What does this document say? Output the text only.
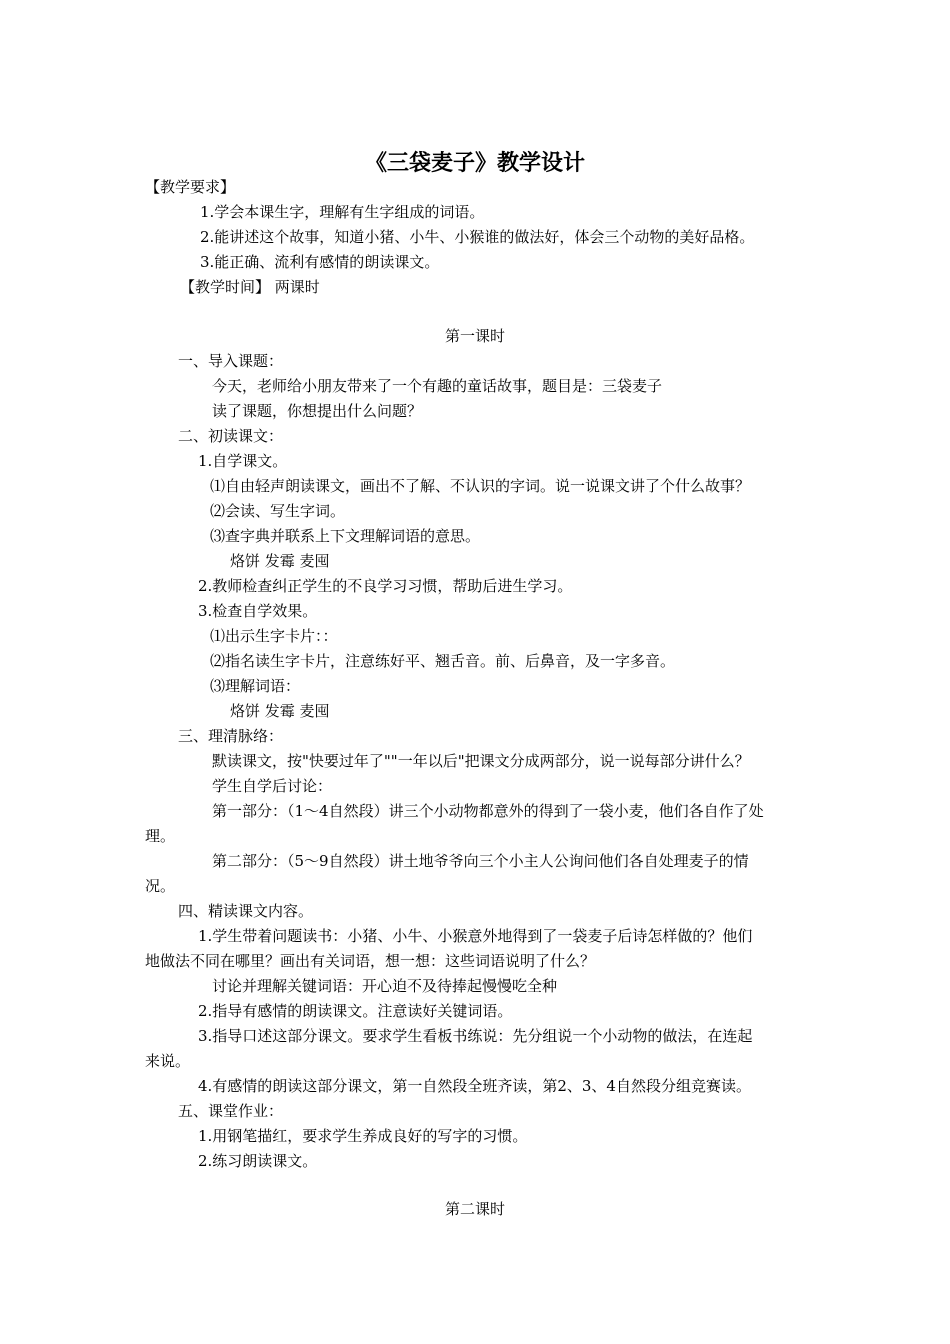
《三袋麦子》教学设计
【教学要求】
1.学会本课生字，理解有生字组成的词语。
2.能讲述这个故事，知道小猪、小牛、小猴谁的做法好，体会三个动物的美好品格。
3.能正确、流利有感情的朗读课文。
【教学时间】 两课时
第一课时
一、导入课题：
今天，老师给小朋友带来了一个有趣的童话故事，题目是：三袋麦子
读了课题，你想提出什么问题？
二、初读课文：
1.自学课文。
⑴自由轻声朗读课文，画出不了解、不认识的字词。说一说课文讲了个什么故事？
⑵会读、写生字词。
⑶查字典并联系上下文理解词语的意思。
烙饼 发霉 麦囤
2.教师检查纠正学生的不良学习习惯，帮助后进生学习。
3.检查自学效果。
⑴出示生字卡片：：
⑵指名读生字卡片，注意练好平、翘舌音。前、后鼻音，及一字多音。
⑶理解词语：
烙饼 发霉 麦囤
三、理清脉络：
默读课文，按"快要过年了""一年以后"把课文分成两部分，说一说每部分讲什么？
学生自学后讨论：
第一部分：（1～4自然段）讲三个小动物都意外的得到了一袋小麦，他们各自作了处
理。
第二部分：（5～9自然段）讲土地爷爷向三个小主人公询问他们各自处理麦子的情
况。
四、精读课文内容。
1.学生带着问题读书：小猪、小牛、小猴意外地得到了一袋麦子后诗怎样做的？他们
地做法不同在哪里？画出有关词语，想一想：这些词语说明了什么？
讨论并理解关键词语：开心迫不及待捧起慢慢吃全种
2.指导有感情的朗读课文。注意读好关键词语。
3.指导口述这部分课文。要求学生看板书练说：先分组说一个小动物的做法，在连起
来说。
4.有感情的朗读这部分课文，第一自然段全班齐读，第2、3、4自然段分组竞赛读。
五、课堂作业：
1.用钢笔描红，要求学生养成良好的写字的习惯。
2.练习朗读课文。
第二课时
